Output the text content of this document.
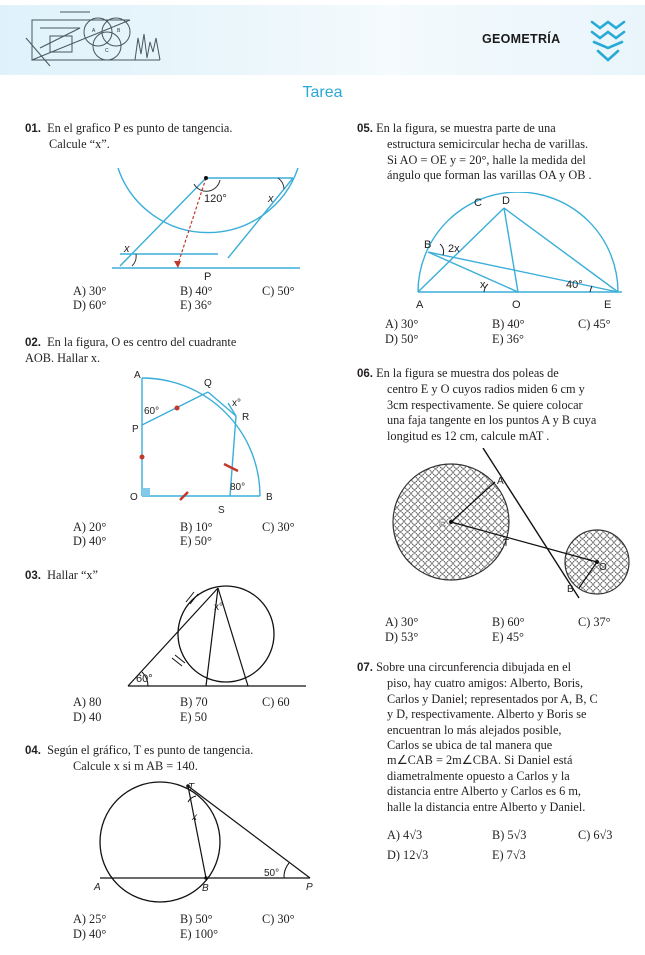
A	B
C
GEOMETRÍA
Tarea
01. En el grafico P es punto de tangencia.
Calcule “x”.
120°	x
x
P
A) 30°	B) 40°	C) 50°
D) 60°	E) 36°
02. En la figura, O es centro del cuadrante
AOB. Hallar x.
A
Q
60°
x°
P
R
80°
O
S
B
A) 20°	B) 10°	C) 30°
D) 40°	E) 50°
03. Hallar “x”
x°
60°
A) 80	B) 70	C) 60
D) 40	E) 50
04. Según el gráfico, T es punto de tangencia.
Calcule x si m AB = 140.
T
x
50°
A	B	P
A) 25°	B) 50°	C) 30°
D) 40°	E) 100°
05. En la figura, se muestra parte de una
estructura semicircular hecha de varillas.
Si AO = OE y = 20°, halle la medida del
ángulo que forman las varillas OA y OB .
C D
B 2x
x	40°
A	O	E
A) 30°	B) 40°	C) 45°
D) 50°	E) 36°
06. En la figura se muestra dos poleas de
centro E y O cuyos radios miden 6 cm y
3cm respectivamente. Se quiere colocar
una faja tangente en los puntos A y B cuya
longitud es 12 cm, calcule mAT .
A
E
T
O
B
A) 30°	B) 60°	C) 37°
D) 53°	E) 45°
07. Sobre una circunferencia dibujada en el
piso, hay cuatro amigos: Alberto, Boris,
Carlos y Daniel; representados por A, B, C
y D, respectivamente. Alberto y Boris se
encuentran lo más alejados posible,
Carlos se ubica de tal manera que
m∠CAB = 2m∠CBA. Si Daniel está
diametralmente opuesto a Carlos y la
distancia entre Alberto y Carlos es 6 m,
halle la distancia entre Alberto y Daniel.
A) 4√3	B) 5√3	C) 6√3
D) 12√3	E) 7√3
